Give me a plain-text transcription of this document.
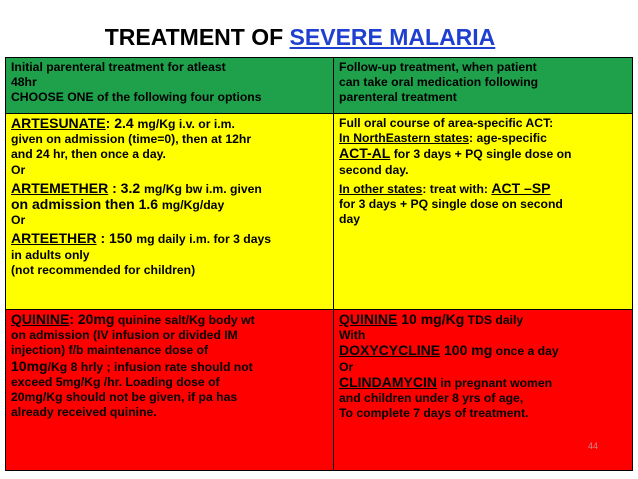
TREATMENT OF SEVERE MALARIA
Initial parenteral treatment for atleast
48hr
CHOOSE ONE of the following four options
Follow-up treatment, when patient
can take oral medication following
parenteral treatment
ARTESUNATE: 2.4 mg/Kg i.v. or i.m.
given on admission (time=0), then at 12hr
and 24 hr, then once a day.
Or
ARTEMETHER : 3.2 mg/Kg bw i.m. given
on admission then 1.6 mg/Kg/day
Or
ARTEETHER : 150 mg daily i.m. for 3 days
in adults only
(not recommended for children)
Full oral course of area-specific ACT:
In NorthEastern states: age-specific
ACT-AL for 3 days + PQ single dose on
second day.
In other states: treat with: ACT –SP
for 3 days + PQ single dose on second
day
QUININE: 20mg quinine salt/Kg body wt
on admission (IV infusion or divided IM
injection) f/b maintenance dose of
10mg/Kg 8 hrly ; infusion rate should not
exceed 5mg/Kg /hr. Loading dose of
20mg/Kg should not be given, if pa has
already received quinine.
QUININE 10 mg/Kg TDS daily
With
DOXYCYCLINE 100 mg once a day
Or
CLINDAMYCIN in pregnant women
and children under 8 yrs of age,
To complete 7 days of treatment.
44
